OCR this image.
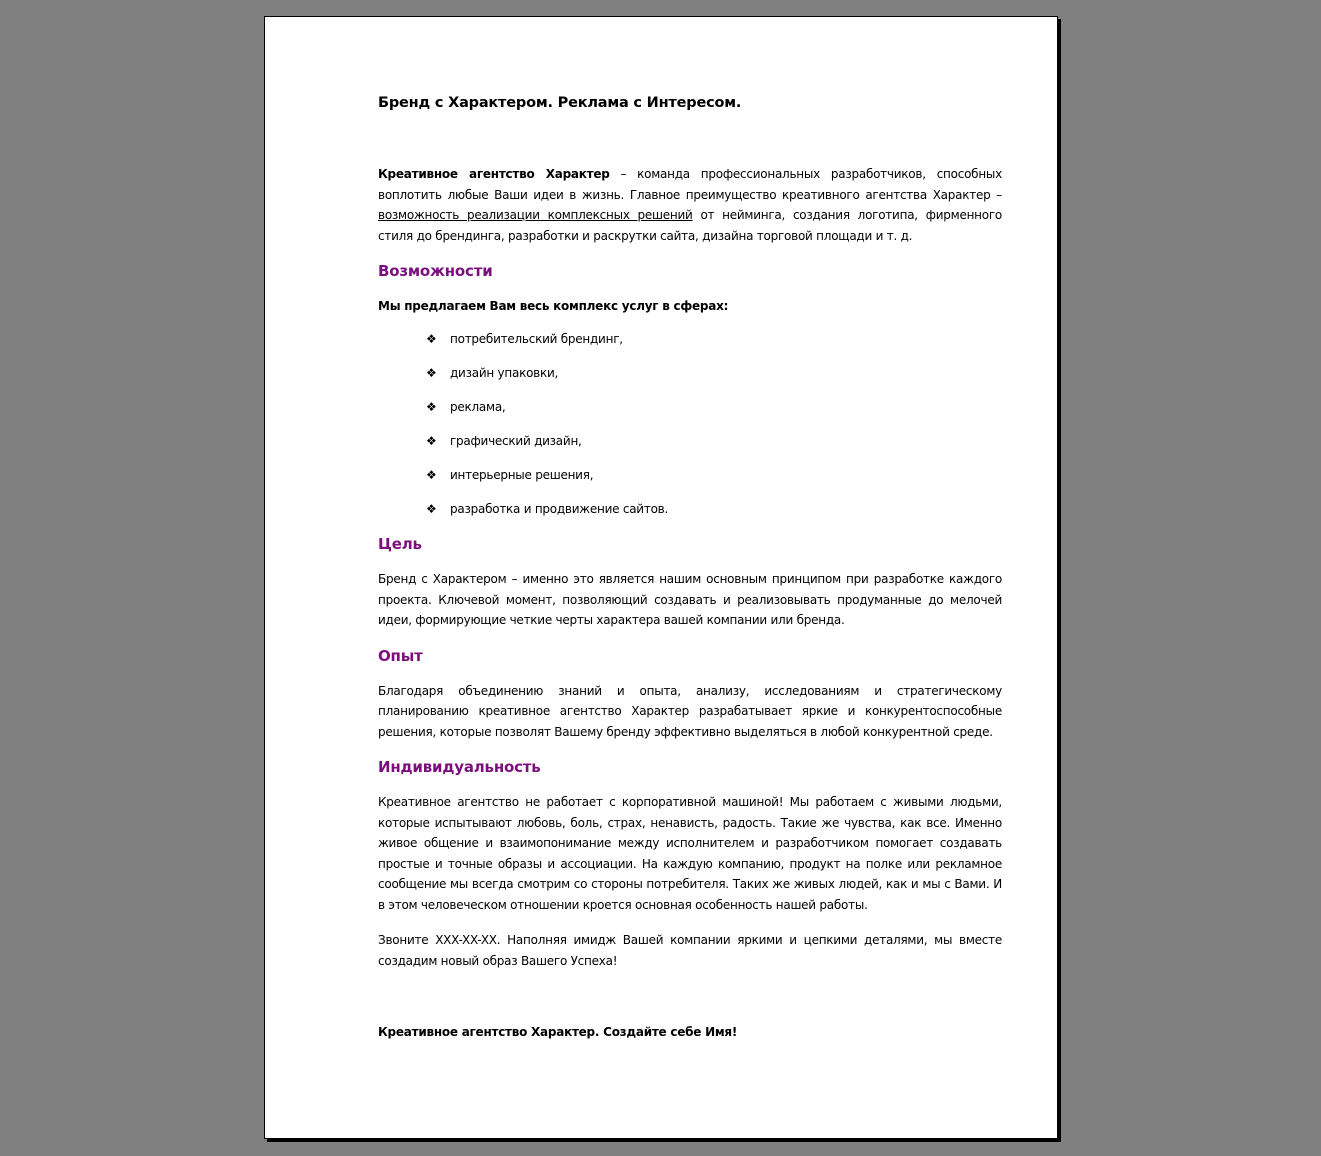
Бренд с Характером. Реклама с Интересом.

Креативное агентство Характер – команда профессиональных разработчиков, способных воплотить любые Ваши идеи в жизнь. Главное преимущество креативного агентства Характер – возможность реализации комплексных решений от нейминга, создания логотипа, фирменного стиля до брендинга, разработки и раскрутки сайта, дизайна торговой площади и т. д.

Возможности
Мы предлагаем Вам весь комплекс услуг в сферах:
❖	потребительский брендинг,
❖	дизайн упаковки,
❖	реклама,
❖	графический дизайн,
❖	интерьерные решения,
❖	разработка и продвижение сайтов.
Цель

Бренд с Характером – именно это является нашим основным принципом при разработке каждого проекта. Ключевой момент, позволяющий создавать и реализовывать продуманные до мелочей идеи, формирующие четкие черты характера вашей компании или бренда.

Опыт

Благодаря объединению знаний и опыта, анализу, исследованиям и стратегическому планированию креативное агентство Характер разрабатывает яркие и конкурентоспособные решения, которые позволят Вашему бренду эффективно выделяться в любой конкурентной среде.

Индивидуальность

Креативное агентство не работает с корпоративной машиной! Мы работаем с живыми людьми, которые испытывают любовь, боль, страх, ненависть, радость. Такие же чувства, как все. Именно живое общение и взаимопонимание между исполнителем и разработчиком помогает создавать простые и точные образы и ассоциации. На каждую компанию, продукт на полке или рекламное сообщение мы всегда смотрим со стороны потребителя. Таких же живых людей, как и мы с Вами. И в этом человеческом отношении кроется основная особенность нашей работы.

Звоните XXX-XX-XX. Наполняя имидж Вашей компании яркими и цепкими деталями, мы вместе создадим новый образ Вашего Успеха!

Креативное агентство Характер. Создайте себе Имя!
